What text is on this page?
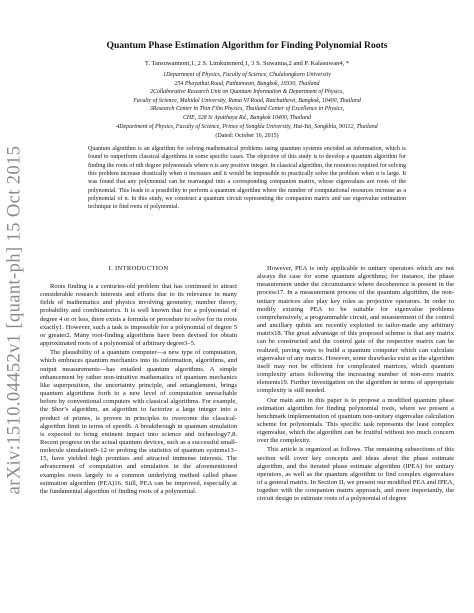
arXiv:1510.04452v1 [quant-ph] 15 Oct 2015
Quantum Phase Estimation Algorithm for Finding Polynomial Roots
T. Tansuwannont,1, 2 S. Limkumnerd,1, 3 S. Suwanna,2 and P. Kalasuwan4, *
1Department of Physics, Faculty of Science, Chulalongkorn University
254 Phayathai Road, Pathumwan, Bangkok, 10330, Thailand
2Collaborative Research Unit on Quantum Information & Department of Physics,
Faculty of Science, Mahidol University, Rama VI Road, Ratchathewi, Bangkok, 10400, Thailand
3Research Center in Thin Film Physics, Thailand Center of Excellence in Physics,
CHE, 328 Si Ayutthaya Rd., Bangkok 10400, Thailand
4Department of Physics, Faculty of Science, Prince of Songkla University, Hat-Yai, Songkhla, 90112, Thailand
(Dated: October 16, 2015)
Quantum algorithm is an algorithm for solving mathematical problems using quantum systems encoded as information, which is found to outperform classical algorithms in some specific cases. The objective of this study is to develop a quantum algorithm for finding the roots of nth degree polynomials where n is any positive integer. In classical algorithm, the resources required for solving this problem increase drastically when n increases and it would be impossible to practically solve the problem when n is large. It was found that any polynomial can be rearranged into a corresponding companion matrix, whose eigenvalues are roots of the polynomial. This leads to a possibility to perform a quantum algorithm where the number of computational resources increase as a polynomial of n. In this study, we construct a quantum circuit representing the companion matrix and use eigenvalue estimation technique to find roots of polynomial.
I. INTRODUCTION

Roots finding is a centuries-old problem that has continued to attract considerable research interests and efforts due to its relevance in many fields of mathematics and physics involving geometry, number theory, probability and combinatorics. It is well known that for a polynomial of degree 4 or or less, there exists a formula or procedure to solve for its roots exactly1. However, such a task is impossible for a polynomial of degree 5 or greater2. Many root-finding algorithms have been devised for obtain approximated roots of a polynomial of arbitrary degree3–5.

The plausibility of a quantum computer—a new type of computation, which embraces quantum mechanics into its information, algorithms, and output measurements—has entailed quantum algorithms. A simple enhancement by rather non-intuitive mathematics of quantum mechanics like superposition, the uncertainty principle, and entanglement, brings quantum algorithms forth to a new level of computation unreachable before by conventional computers with classical algorithms. For example, the Shor’s algorithm, an algorithm to factorize a large integer into a product of primes, is proven in principles to overcome the classical-algorithm limit in terms of speed6. A breakthrough in quantum simulation is expected to bring eminent impact into science and technology7,8. Recent progress on the actual quantum devices, such as a successful small-molecule simulation9–12 or probing the statistics of quantum systems13–15, have yielded high promises and attracted immense interests. The advancement of computation and simulation in the aforementioned examples owes largely to a common underlying method called phase estimation algorithm (PEA)16. Still, PEA can be improved, especially at the fundamental algorithm of finding roots of a polynomial.

However, PEA is only applicable to unitary operators which are not always the case for some quantum algorithms; for instance, the phase measurement under the circumstance where decoherence is present in the process17. In a measurement process of the quantum algorithm, the non-unitary matrices also play key roles as projective operators. In order to modify existing PEA to be suitable for eigenvalue problems comprehensively, a programmable circuit, and measurement of the control and ancillary qubits are recently exploited to tailor-made any arbitrary matrix18. The great advantage of this proposed scheme is that any matrix can be constructed and the control gate of the respective matrix can be realized, paving ways to build a quantum computer which can calculate eigenvalue of any matrix. However, some drawbacks exist as the algorithm itself may not be efficient for complicated matrices, which quantum complexity arises following the increasing number of non-zero matrix elements19. Further investigation on the algorithm in terms of appropriate complexity is still needed.

Our main aim in this paper is to propose a modified quantum phase estimation algorithm for finding polynomial roots, where we present a benchmark implementation of quantum non-unitary eigenvalue calculation scheme for polynomials. This specific task represents the least complex eigenvalue, which the algorithm can be fruitful without too much concern over the complexity.

This article is organized as follows. The remaining subsections of this section will cover key concepts and ideas about the phase estimate algorithm, and the iterated phase estimate algorithm (IPEA) for unitary operators, as well as the quantum algorithm to find complex eigenvalues of a general matrix. In Section II, we present our modified PEA and IPEA, together with the companion matrix approach, and more importantly, the circuit design to estimate roots of a polynomial of degree
